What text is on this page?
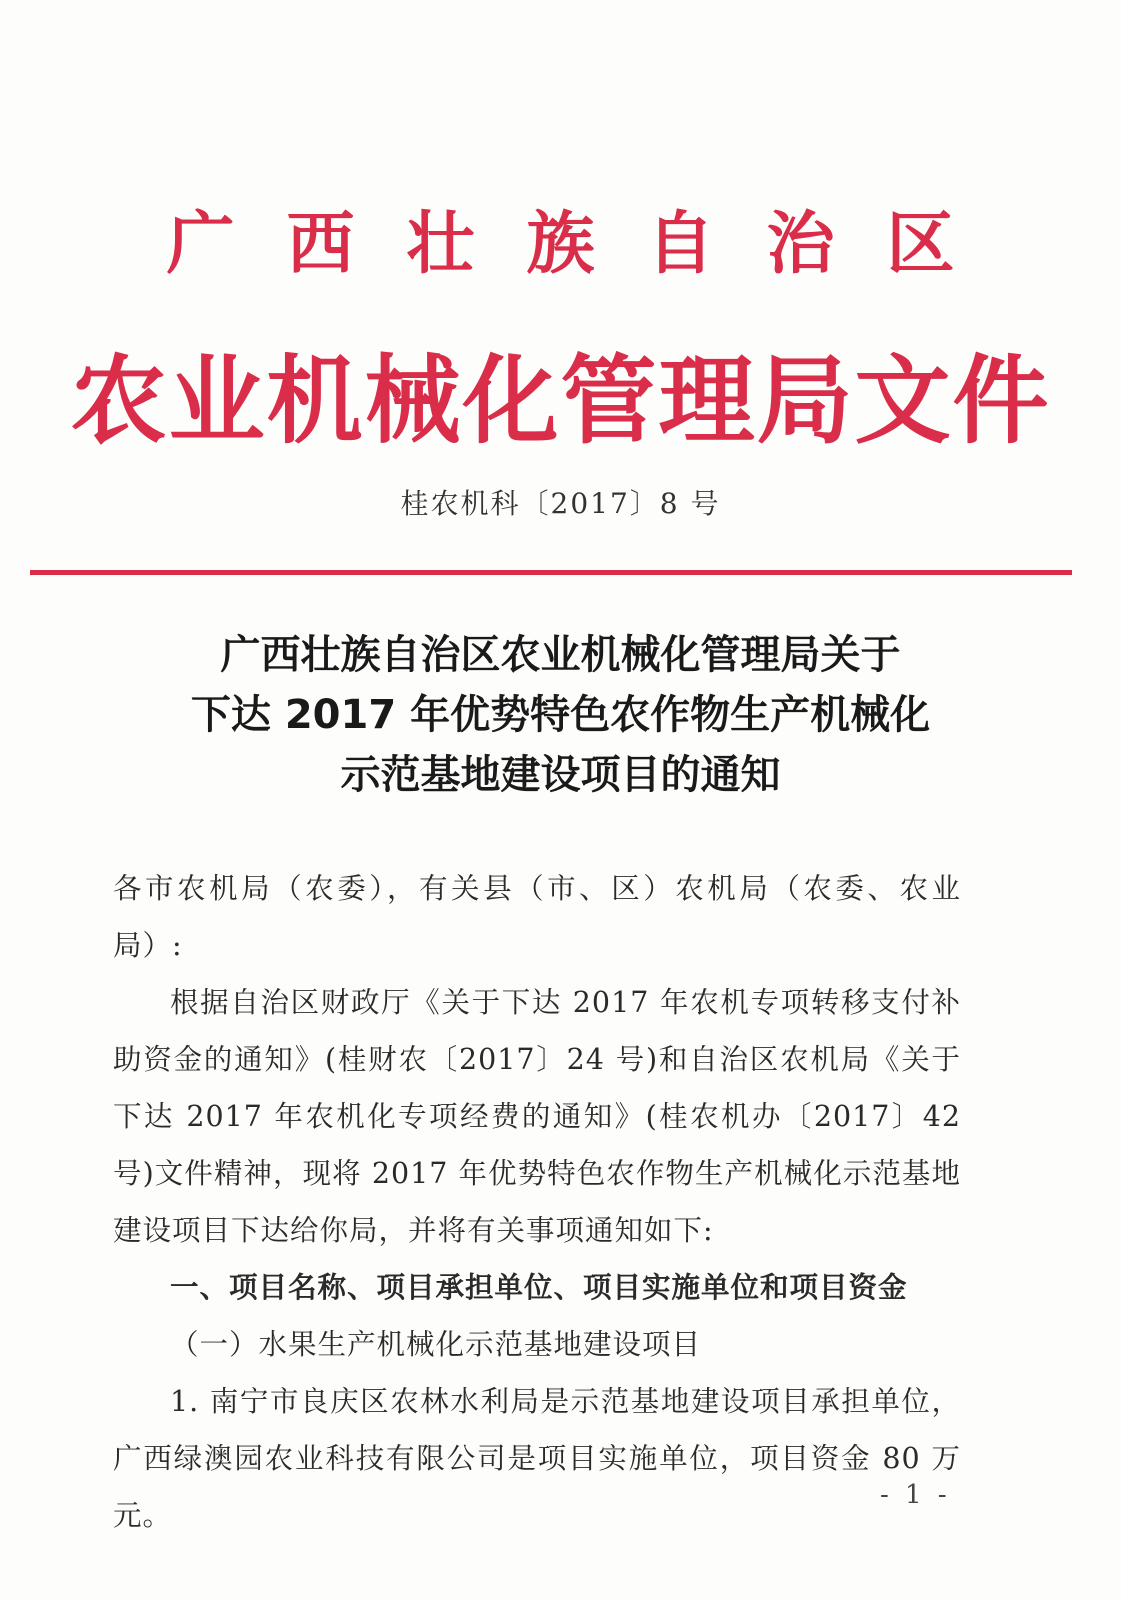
广西壮族自治区
农业机械化管理局文件
桂农机科〔2017〕8 号
广西壮族自治区农业机械化管理局关于
下达 2017 年优势特色农作物生产机械化
示范基地建设项目的通知

各市农机局（农委），有关县（市、区）农机局（农委、农业局）:

根据自治区财政厅《关于下达 2017 年农机专项转移支付补助资金的通知》(桂财农〔2017〕24 号)和自治区农机局《关于下达 2017 年农机化专项经费的通知》(桂农机办〔2017〕42 号)文件精神，现将 2017 年优势特色农作物生产机械化示范基地建设项目下达给你局，并将有关事项通知如下:

一、项目名称、项目承担单位、项目实施单位和项目资金

（一）水果生产机械化示范基地建设项目

1. 南宁市良庆区农林水利局是示范基地建设项目承担单位，广西绿澳园农业科技有限公司是项目实施单位，项目资金 80 万元。

- 1 -
